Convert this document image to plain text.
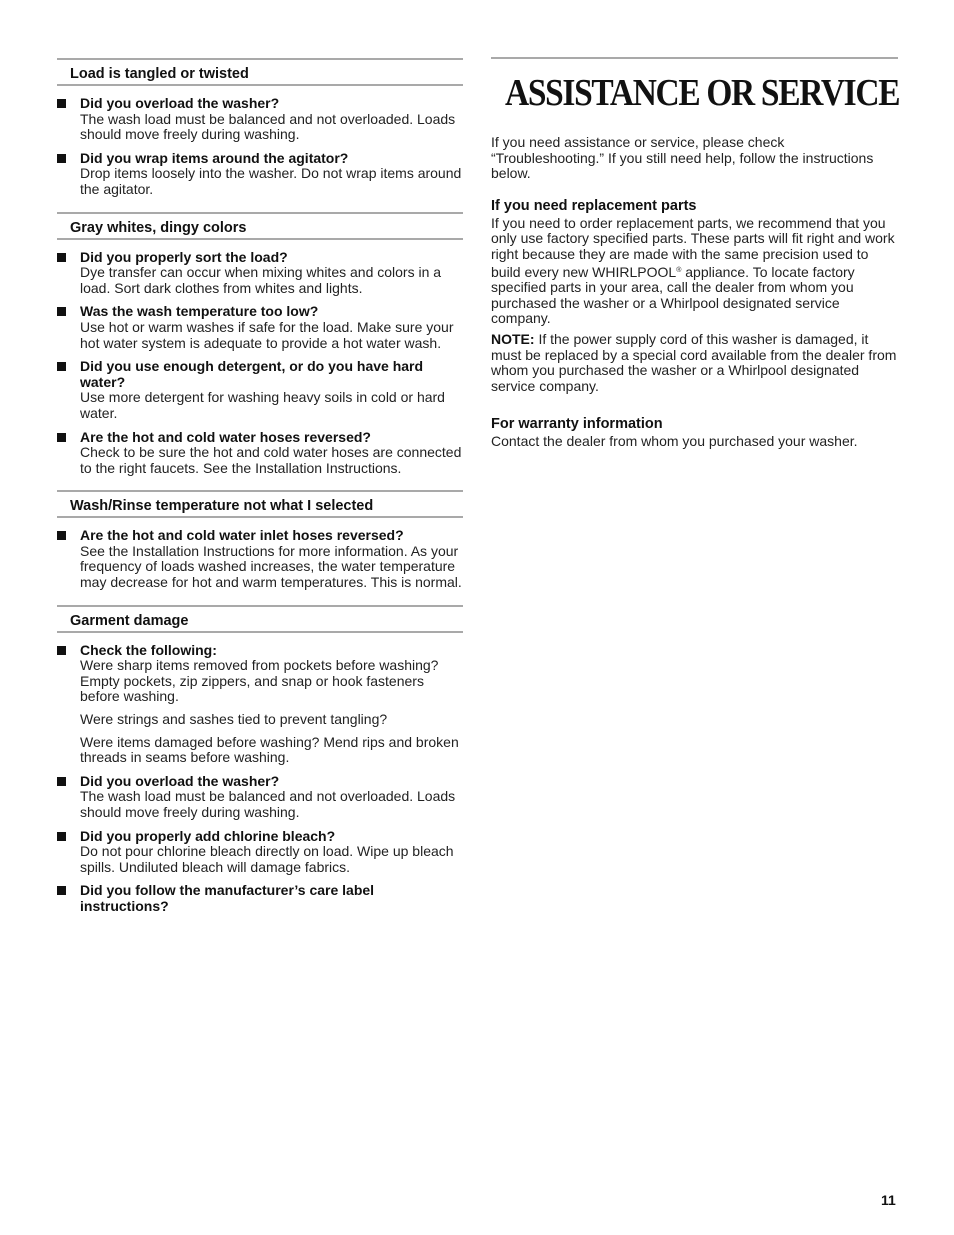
Load is tangled or twisted
Did you overload the washer?
The wash load must be balanced and not overloaded. Loads should move freely during washing.
Did you wrap items around the agitator?
Drop items loosely into the washer. Do not wrap items around the agitator.
Gray whites, dingy colors
Did you properly sort the load?
Dye transfer can occur when mixing whites and colors in a load. Sort dark clothes from whites and lights.
Was the wash temperature too low?
Use hot or warm washes if safe for the load. Make sure your hot water system is adequate to provide a hot water wash.
Did you use enough detergent, or do you have hard water?
Use more detergent for washing heavy soils in cold or hard water.
Are the hot and cold water hoses reversed?
Check to be sure the hot and cold water hoses are connected to the right faucets. See the Installation Instructions.
Wash/Rinse temperature not what I selected
Are the hot and cold water inlet hoses reversed?
See the Installation Instructions for more information. As your frequency of loads washed increases, the water temperature may decrease for hot and warm temperatures. This is normal.
Garment damage
Check the following:
Were sharp items removed from pockets before washing? Empty pockets, zip zippers, and snap or hook fasteners before washing.
Were strings and sashes tied to prevent tangling?
Were items damaged before washing? Mend rips and broken threads in seams before washing.
Did you overload the washer?
The wash load must be balanced and not overloaded. Loads should move freely during washing.
Did you properly add chlorine bleach?
Do not pour chlorine bleach directly on load. Wipe up bleach spills. Undiluted bleach will damage fabrics.
Did you follow the manufacturer’s care label instructions?
ASSISTANCE OR SERVICE
If you need assistance or service, please check “Troubleshooting.” If you still need help, follow the instructions below.
If you need replacement parts
If you need to order replacement parts, we recommend that you only use factory specified parts. These parts will fit right and work right because they are made with the same precision used to build every new WHIRLPOOL® appliance. To locate factory specified parts in your area, call the dealer from whom you purchased the washer or a Whirlpool designated service company.
NOTE: If the power supply cord of this washer is damaged, it must be replaced by a special cord available from the dealer from whom you purchased the washer or a Whirlpool designated service company.
For warranty information
Contact the dealer from whom you purchased your washer.
11
